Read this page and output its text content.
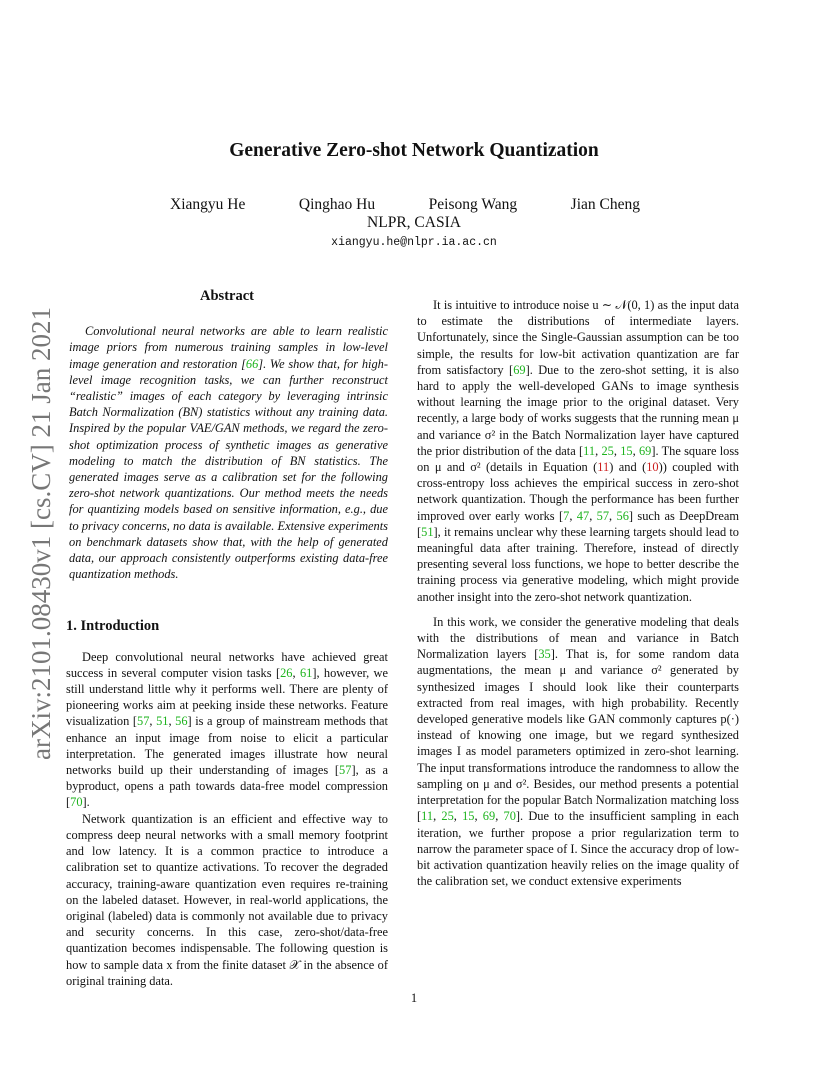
arXiv:2101.08430v1 [cs.CV] 21 Jan 2021
Generative Zero-shot Network Quantization
Xiangyu He	Qinghao Hu	Peisong Wang	Jian Cheng
NLPR, CASIA
xiangyu.he@nlpr.ia.ac.cn
Abstract

Convolutional neural networks are able to learn realistic image priors from numerous training samples in low-level image generation and restoration [66]. We show that, for high-level image recognition tasks, we can further reconstruct “realistic” images of each category by leveraging intrinsic Batch Normalization (BN) statistics without any training data. Inspired by the popular VAE/GAN methods, we regard the zero-shot optimization process of synthetic images as generative modeling to match the distribution of BN statistics. The generated images serve as a calibration set for the following zero-shot network quantizations. Our method meets the needs for quantizing models based on sensitive information, e.g., due to privacy concerns, no data is available. Extensive experiments on benchmark datasets show that, with the help of generated data, our approach consistently outperforms existing data-free quantization methods.

1. Introduction

Deep convolutional neural networks have achieved great success in several computer vision tasks [26, 61], however, we still understand little why it performs well. There are plenty of pioneering works aim at peeking inside these networks. Feature visualization [57, 51, 56] is a group of mainstream methods that enhance an input image from noise to elicit a particular interpretation. The generated images illustrate how neural networks build up their understanding of images [57], as a byproduct, opens a path towards data-free model compression [70].

Network quantization is an efficient and effective way to compress deep neural networks with a small memory footprint and low latency. It is a common practice to introduce a calibration set to quantize activations. To recover the degraded accuracy, training-aware quantization even requires re-training on the labeled dataset. However, in real-world applications, the original (labeled) data is commonly not available due to privacy and security concerns. In this case, zero-shot/data-free quantization becomes indispensable. The following question is how to sample data x from the finite dataset 𝒳 in the absence of original training data.

It is intuitive to introduce noise u ∼ 𝒩(0, 1) as the input data to estimate the distributions of intermediate layers. Unfortunately, since the Single-Gaussian assumption can be too simple, the results for low-bit activation quantization are far from satisfactory [69]. Due to the zero-shot setting, it is also hard to apply the well-developed GANs to image synthesis without learning the image prior to the original dataset. Very recently, a large body of works suggests that the running mean μ and variance σ² in the Batch Normalization layer have captured the prior distribution of the data [11, 25, 15, 69]. The square loss on μ and σ² (details in Equation (11) and (10)) coupled with cross-entropy loss achieves the empirical success in zero-shot network quantization. Though the performance has been further improved over early works [7, 47, 57, 56] such as DeepDream [51], it remains unclear why these learning targets should lead to meaningful data after training. Therefore, instead of directly presenting several loss functions, we hope to better describe the training process via generative modeling, which might provide another insight into the zero-shot network quantization.

In this work, we consider the generative modeling that deals with the distributions of mean and variance in Batch Normalization layers [35]. That is, for some random data augmentations, the mean μ and variance σ² generated by synthesized images I should look like their counterparts extracted from real images, with high probability. Recently developed generative models like GAN commonly captures p(·) instead of knowing one image, but we regard synthesized images I as model parameters optimized in zero-shot learning. The input transformations introduce the randomness to allow the sampling on μ and σ². Besides, our method presents a potential interpretation for the popular Batch Normalization matching loss [11, 25, 15, 69, 70]. Due to the insufficient sampling in each iteration, we further propose a prior regularization term to narrow the parameter space of I. Since the accuracy drop of low-bit activation quantization heavily relies on the image quality of the calibration set, we conduct extensive experiments

1
